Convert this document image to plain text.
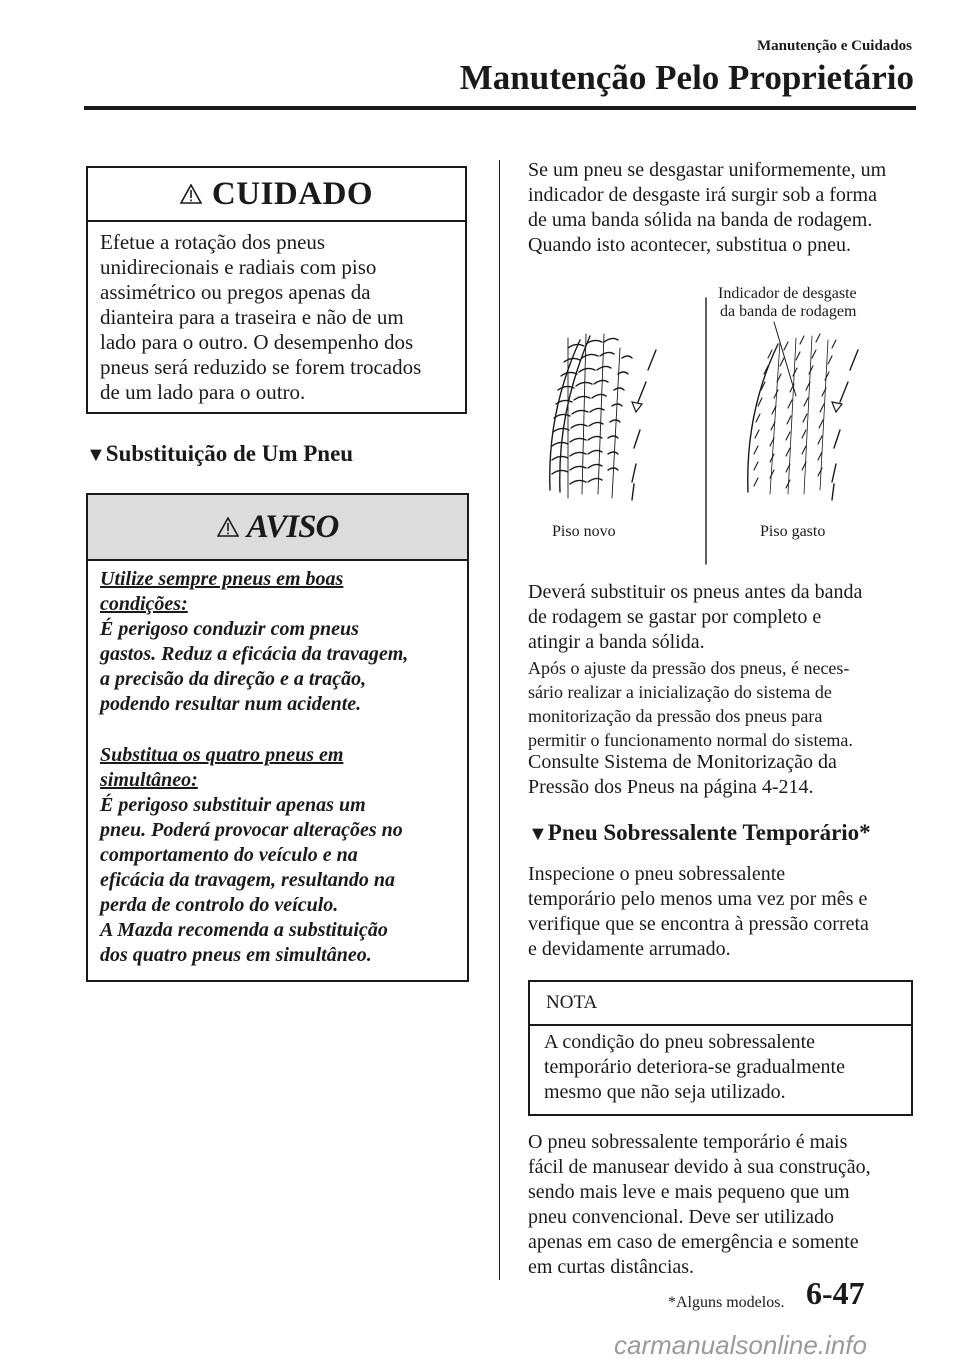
Manutenção e Cuidados
Manutenção Pelo Proprietário
CUIDADO
Efetue a rotação dos pneus
unidirecionais e radiais com piso
assimétrico ou pregos apenas da
dianteira para a traseira e não de um
lado para o outro. O desempenho dos
pneus será reduzido se forem trocados
de um lado para o outro.
▼Substituição de Um Pneu
AVISO
Utilize sempre pneus em boas
condições:
É perigoso conduzir com pneus
gastos. Reduz a eficácia da travagem,
a precisão da direção e a tração,
podendo resultar num acidente.
Substitua os quatro pneus em
simultâneo:
É perigoso substituir apenas um
pneu. Poderá provocar alterações no
comportamento do veículo e na
eficácia da travagem, resultando na
perda de controlo do veículo.
A Mazda recomenda a substituição
dos quatro pneus em simultâneo.
Se um pneu se desgastar uniformemente, um
indicador de desgaste irá surgir sob a forma
de uma banda sólida na banda de rodagem.
Quando isto acontecer, substitua o pneu.
Indicador de desgaste
da banda de rodagem
Piso novo	Piso gasto
Deverá substituir os pneus antes da banda
de rodagem se gastar por completo e
atingir a banda sólida.
Após o ajuste da pressão dos pneus, é neces-
sário realizar a inicialização do sistema de
monitorização da pressão dos pneus para
permitir o funcionamento normal do sistema.
Consulte Sistema de Monitorização da
Pressão dos Pneus na página 4-214.
▼Pneu Sobressalente Temporário*
Inspecione o pneu sobressalente
temporário pelo menos uma vez por mês e
verifique que se encontra à pressão correta
e devidamente arrumado.
NOTA
A condição do pneu sobressalente
temporário deteriora-se gradualmente
mesmo que não seja utilizado.
O pneu sobressalente temporário é mais
fácil de manusear devido à sua construção,
sendo mais leve e mais pequeno que um
pneu convencional. Deve ser utilizado
apenas em caso de emergência e somente
em curtas distâncias.
*Alguns modelos. 6-47
carmanualsonline.info
